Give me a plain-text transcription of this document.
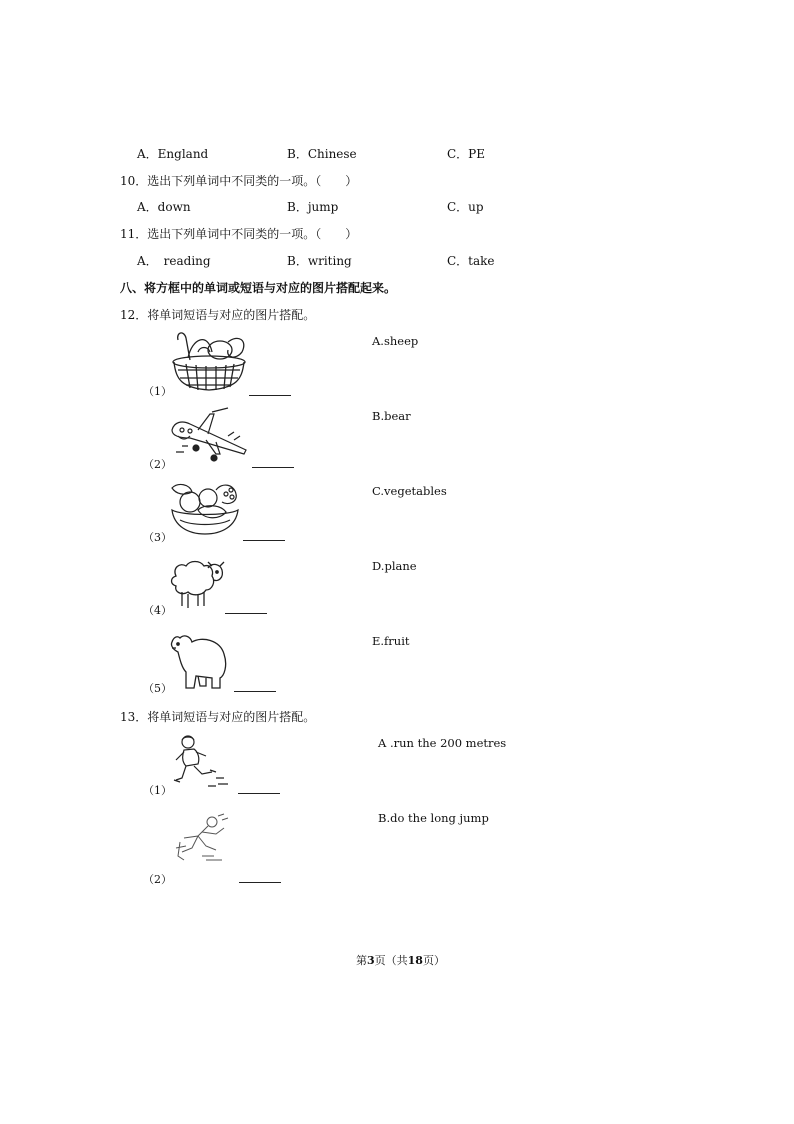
A．England	B．Chinese	C．PE
10．选出下列单词中不同类的一项。（　　）
A．down	B．jump	C．up
11．选出下列单词中不同类的一项。（　　）
A．　reading	B．writing	C．take
八、将方框中的单词或短语与对应的图片搭配起来。
12．将单词短语与对应的图片搭配。
（1）
A.sheep
（2）
B.bear
（3）
C.vegetables
（4）
D.plane
（5）
E.fruit
13．将单词短语与对应的图片搭配。
（1）
A .run the 200 metres
（2）
B.do the long jump
第3页（共18页）
